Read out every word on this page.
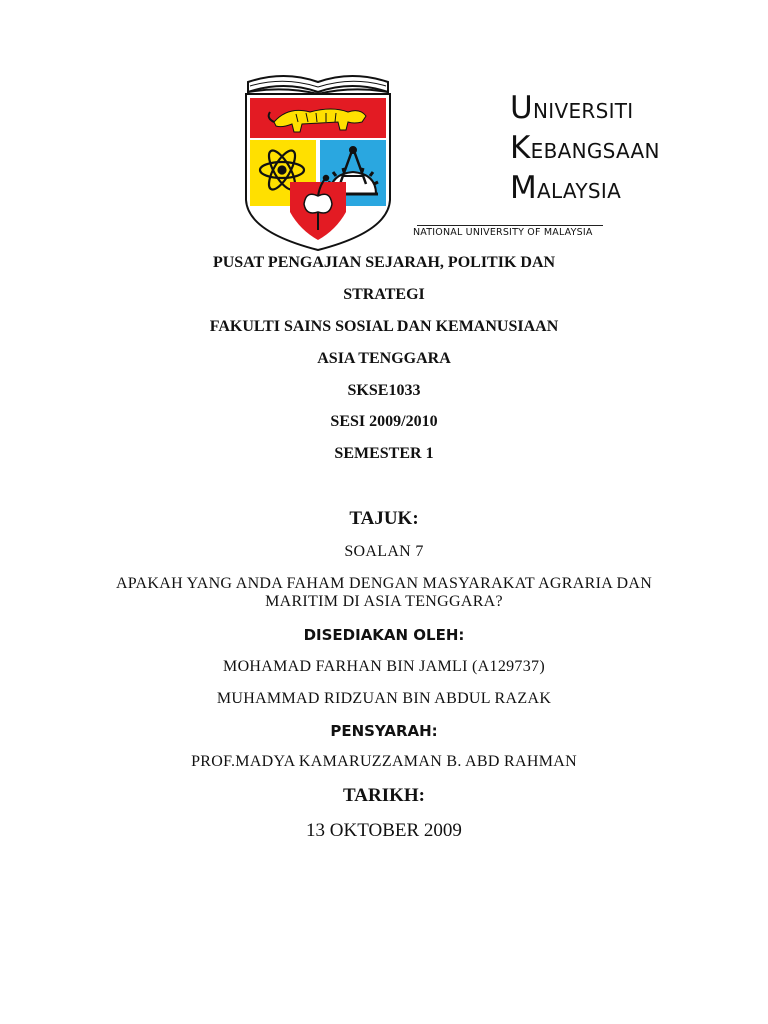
UNIVERSITI
KEBANGSAAN
MALAYSIA
NATIONAL UNIVERSITY OF MALAYSIA
PUSAT PENGAJIAN SEJARAH, POLITIK DAN
STRATEGI
FAKULTI SAINS SOSIAL DAN KEMANUSIAAN
ASIA TENGGARA
SKSE1033
SESI 2009/2010
SEMESTER 1
TAJUK:
SOALAN 7
APAKAH YANG ANDA FAHAM DENGAN MASYARAKAT AGRARIA DAN MARITIM DI ASIA TENGGARA?
DISEDIAKAN OLEH:
MOHAMAD FARHAN BIN JAMLI (A129737)
MUHAMMAD RIDZUAN BIN ABDUL RAZAK
PENSYARAH:
PROF.MADYA KAMARUZZAMAN B. ABD RAHMAN
TARIKH:
13 OKTOBER 2009
